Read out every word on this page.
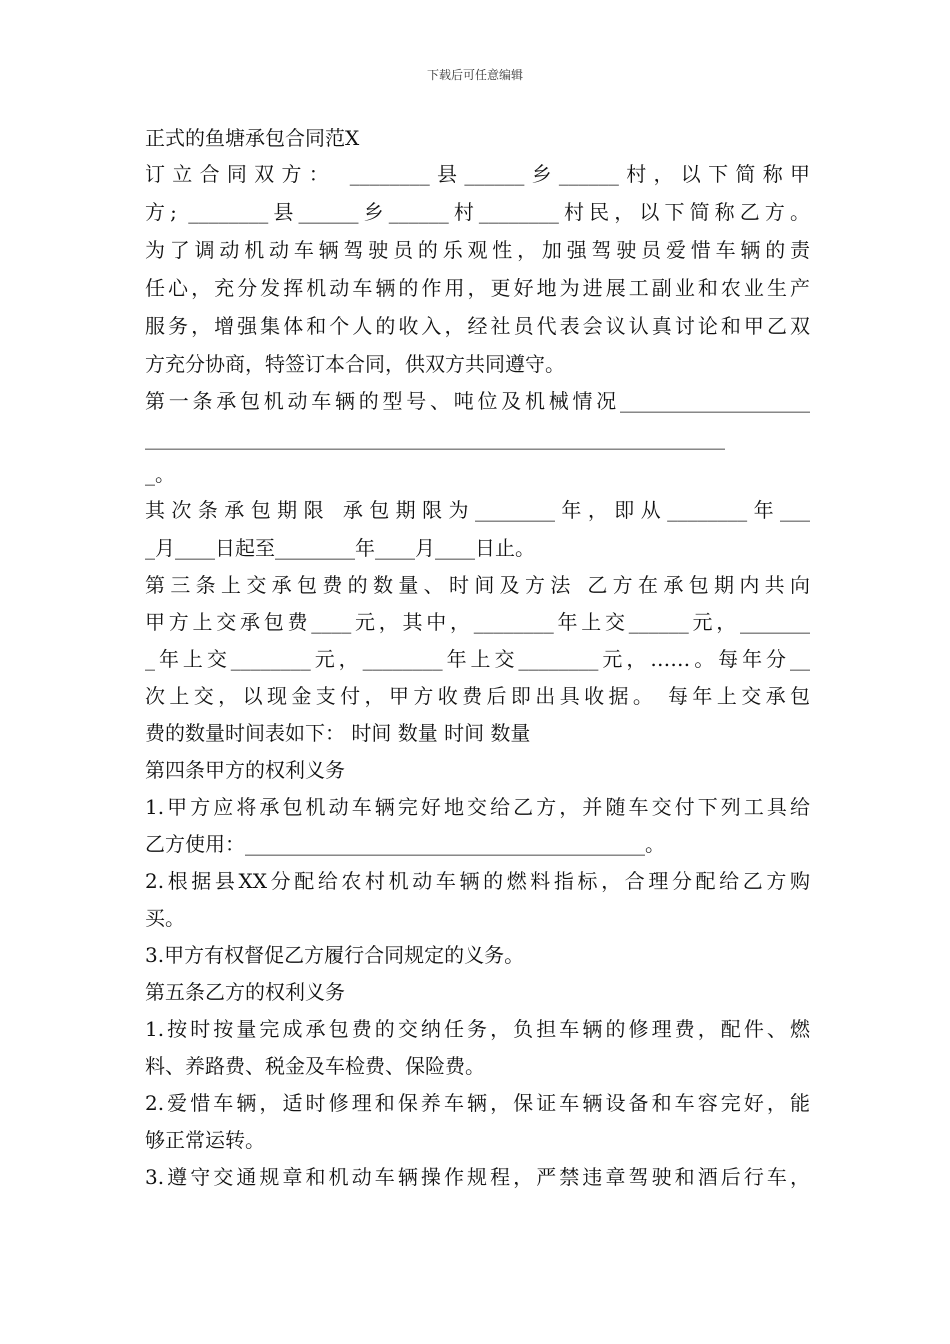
下载后可任意编辑
正式的鱼塘承包合同范X
订立合同双方： ________县______乡______村，以下简称甲
方; ________县______乡______村________村民，以下简称乙方。
为了调动机动车辆驾驶员的乐观性，加强驾驶员爱惜车辆的责
任心，充分发挥机动车辆的作用，更好地为进展工副业和农业生产
服务，增强集体和个人的收入，经社员代表会议认真讨论和甲乙双
方充分协商，特签订本合同，供双方共同遵守。
第一条承包机动车辆的型号、吨位及机械情况___________________
__________________________________________________________
_。
其次条承包期限 承包期限为________年，即从________年___
_月____日起至________年____月____日止。
第三条上交承包费的数量、时间及方法 乙方在承包期内共向
甲方上交承包费____元，其中，________年上交______元，_______
_年上交________元，________年上交________元，……。每年分__
次上交，以现金支付，甲方收费后即出具收据。 每年上交承包
费的数量时间表如下： 时间 数量 时间 数量
第四条甲方的权利义务
1.甲方应将承包机动车辆完好地交给乙方，并随车交付下列工具给
乙方使用：________________________________________。
2.根据县XX分配给农村机动车辆的燃料指标，合理分配给乙方购
买。
3.甲方有权督促乙方履行合同规定的义务。
第五条乙方的权利义务
1.按时按量完成承包费的交纳任务，负担车辆的修理费，配件、燃
料、养路费、税金及车检费、保险费。
2.爱惜车辆，适时修理和保养车辆，保证车辆设备和车容完好，能
够正常运转。
3.遵守交通规章和机动车辆操作规程，严禁违章驾驶和酒后行车，
